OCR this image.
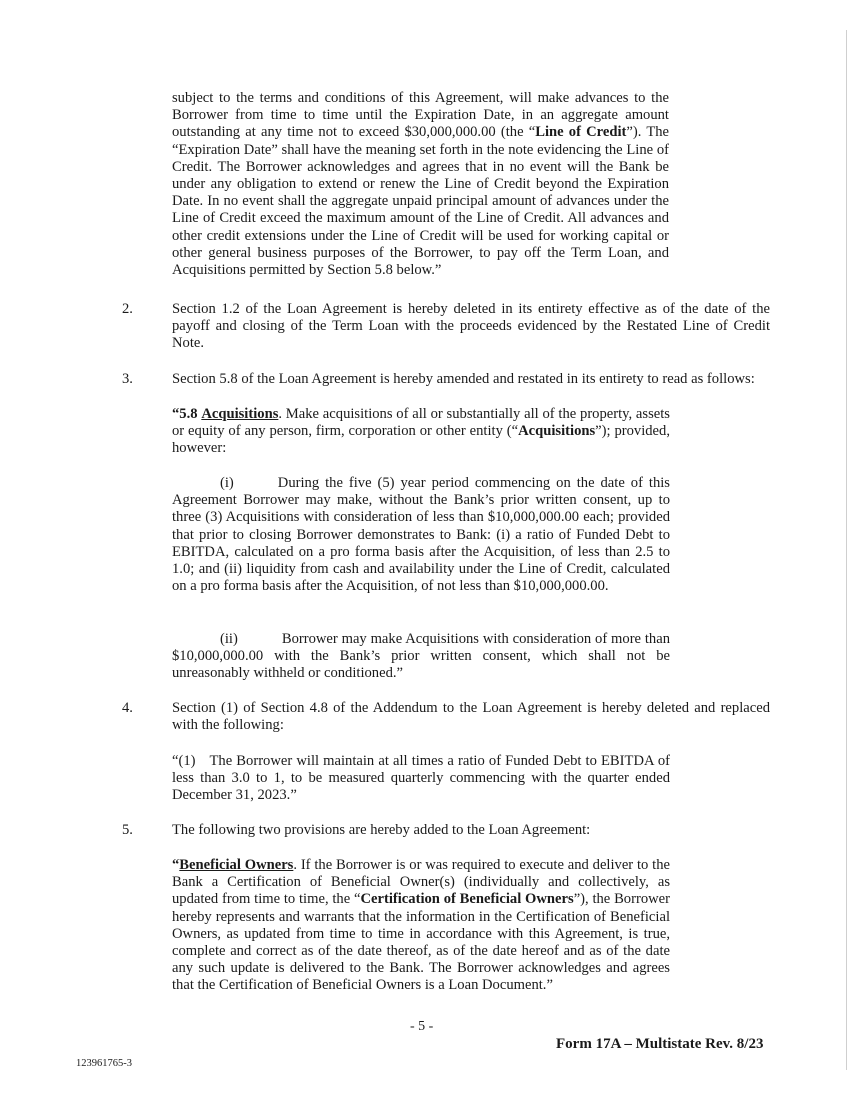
subject to the terms and conditions of this Agreement, will make advances to the Borrower from time to time until the Expiration Date, in an aggregate amount outstanding at any time not to exceed $30,000,000.00 (the “Line of Credit”). The “Expiration Date” shall have the meaning set forth in the note evidencing the Line of Credit. The Borrower acknowledges and agrees that in no event will the Bank be under any obligation to extend or renew the Line of Credit beyond the Expiration Date. In no event shall the aggregate unpaid principal amount of advances under the Line of Credit exceed the maximum amount of the Line of Credit. All advances and other credit extensions under the Line of Credit will be used for working capital or other general business purposes of the Borrower, to pay off the Term Loan, and Acquisitions permitted by Section 5.8 below.”

2.	Section 1.2 of the Loan Agreement is hereby deleted in its entirety effective as of the date of the payoff and closing of the Term Loan with the proceeds evidenced by the Restated Line of Credit Note.

3.	Section 5.8 of the Loan Agreement is hereby amended and restated in its entirety to read as follows:

“5.8 Acquisitions. Make acquisitions of all or substantially all of the property, assets or equity of any person, firm, corporation or other entity (“Acquisitions”); provided, however:

(i)	During the five (5) year period commencing on the date of this Agreement Borrower may make, without the Bank’s prior written consent, up to three (3) Acquisitions with consideration of less than $10,000,000.00 each; provided that prior to closing Borrower demonstrates to Bank: (i) a ratio of Funded Debt to EBITDA, calculated on a pro forma basis after the Acquisition, of less than 2.5 to 1.0; and (ii) liquidity from cash and availability under the Line of Credit, calculated on a pro forma basis after the Acquisition, of not less than $10,000,000.00.

(ii)	Borrower may make Acquisitions with consideration of more than $10,000,000.00 with the Bank’s prior written consent, which shall not be unreasonably withheld or conditioned.”

4.	Section (1) of Section 4.8 of the Addendum to the Loan Agreement is hereby deleted and replaced with the following:

“(1) The Borrower will maintain at all times a ratio of Funded Debt to EBITDA of less than 3.0 to 1, to be measured quarterly commencing with the quarter ended December 31, 2023.”

5.	The following two provisions are hereby added to the Loan Agreement:

“Beneficial Owners. If the Borrower is or was required to execute and deliver to the Bank a Certification of Beneficial Owner(s) (individually and collectively, as updated from time to time, the “Certification of Beneficial Owners”), the Borrower hereby represents and warrants that the information in the Certification of Beneficial Owners, as updated from time to time in accordance with this Agreement, is true, complete and correct as of the date thereof, as of the date hereof and as of the date any such update is delivered to the Bank. The Borrower acknowledges and agrees that the Certification of Beneficial Owners is a Loan Document.”

- 5 -
Form 17A – Multistate Rev. 8/23
123961765-3
